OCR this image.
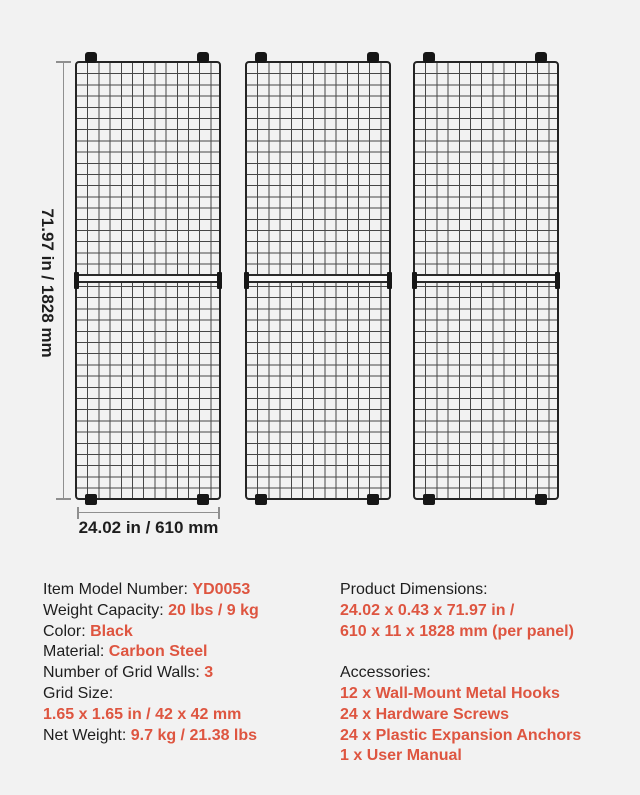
71.97 in / 1828 mm
24.02 in / 610 mm
Item Model Number: YD0053
Weight Capacity: 20 lbs / 9 kg
Color: Black
Material: Carbon Steel
Number of Grid Walls: 3
Grid Size:
1.65 x 1.65 in / 42 x 42 mm
Net Weight: 9.7 kg / 21.38 lbs
Product Dimensions:
24.02 x 0.43 x 71.97 in /
610 x 11 x 1828 mm (per panel)
Accessories:
12 x Wall-Mount Metal Hooks
24 x Hardware Screws
24 x Plastic Expansion Anchors
1 x User Manual
